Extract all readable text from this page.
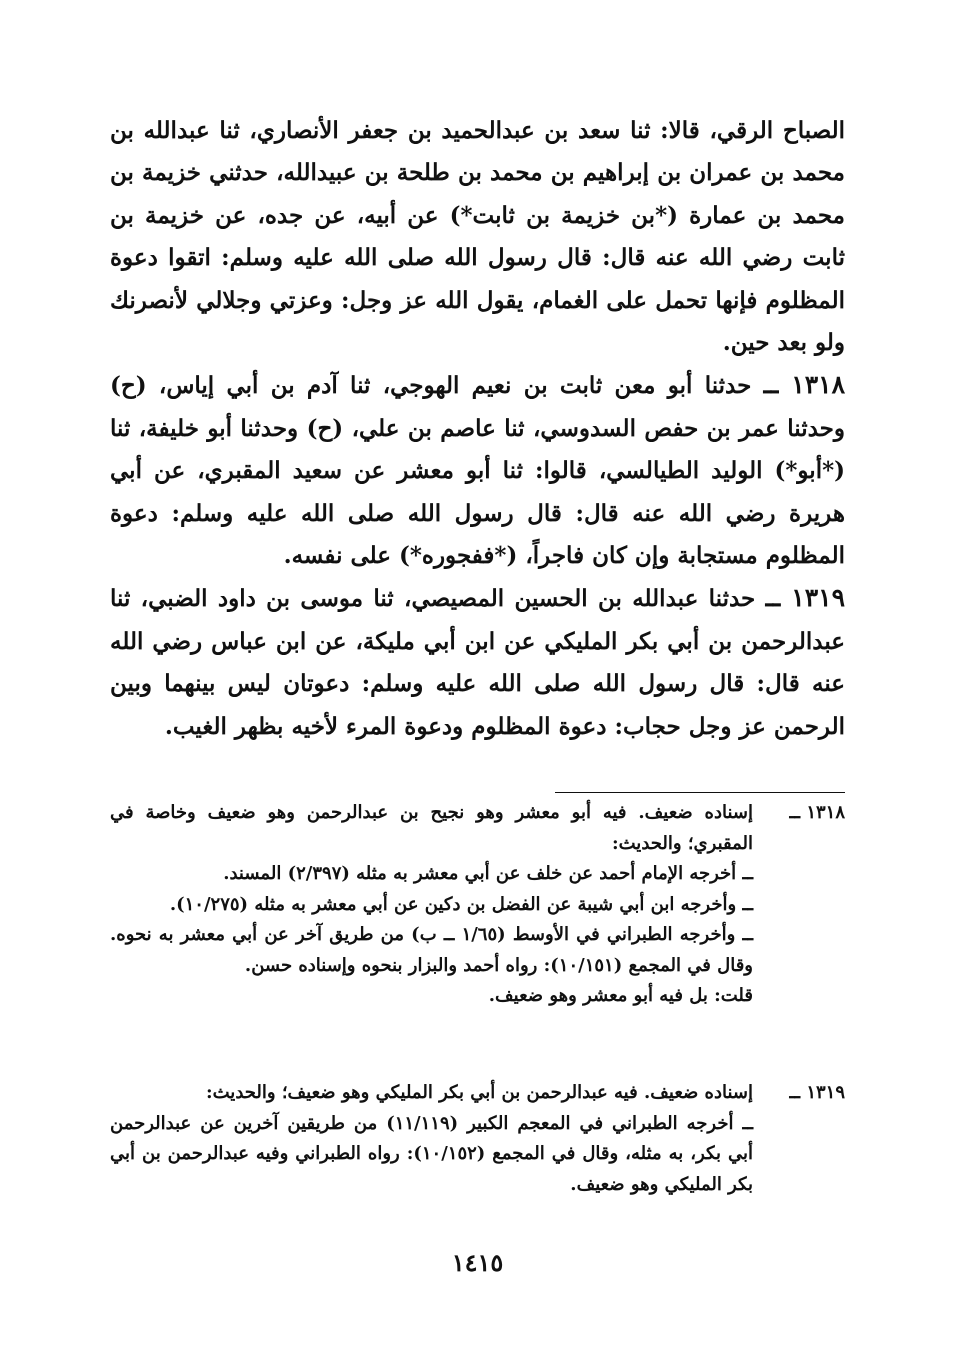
الصباح الرقي، قالا: ثنا سعد بن عبدالحميد بن جعفر الأنصاري، ثنا عبدالله بن محمد بن عمران بن إبراهيم بن محمد بن طلحة بن عبيدالله، حدثني خزيمة بن محمد بن عمارة (*بن خزيمة بن ثابت*) عن أبيه، عن جده، عن خزيمة بن ثابت رضي الله عنه قال: قال رسول الله صلى الله عليه وسلم: اتقوا دعوة المظلوم فإنها تحمل على الغمام، يقول الله عز وجل: وعزتي وجلالي لأنصرنك ولو بعد حين.

١٣١٨ ــ حدثنا أبو معن ثابت بن نعيم الهوجي، ثنا آدم بن أبي إياس، (ح) وحدثنا عمر بن حفص السدوسي، ثنا عاصم بن علي، (ح) وحدثنا أبو خليفة، ثنا (*أبو*) الوليد الطيالسي، قالوا: ثنا أبو معشر عن سعيد المقبري، عن أبي هريرة رضي الله عنه قال: قال رسول الله صلى الله عليه وسلم: دعوة المظلوم مستجابة وإن كان فاجراً، (*ففجوره*) على نفسه.

١٣١٩ ــ حدثنا عبدالله بن الحسين المصيصي، ثنا موسى بن داود الضبي، ثنا عبدالرحمن بن أبي بكر المليكي عن ابن أبي مليكة، عن ابن عباس رضي الله عنه قال: قال رسول الله صلى الله عليه وسلم: دعوتان ليس بينهما وبين الرحمن عز وجل حجاب: دعوة المظلوم ودعوة المرء لأخيه بظهر الغيب.

١٣١٨ ــ

إسناده ضعيف. فيه أبو معشر وهو نجيح بن عبدالرحمن وهو ضعيف وخاصة في المقبري؛ والحديث:

ــ أخرجه الإمام أحمد عن خلف عن أبي معشر به مثله (٢/٣٩٧) المسند.

ــ وأخرجه ابن أبي شيبة عن الفضل بن دكين عن أبي معشر به مثله (١٠/٢٧٥).

ــ وأخرجه الطبراني في الأوسط (١/٦٥ ــ ب) من طريق آخر عن أبي معشر به نحوه. وقال في المجمع (١٠/١٥١): رواه أحمد والبزار بنحوه وإسناده حسن.

قلت: بل فيه أبو معشر وهو ضعيف.

١٣١٩ ــ

إسناده ضعيف. فيه عبدالرحمن بن أبي بكر المليكي وهو ضعيف؛ والحديث:

ــ أخرجه الطبراني في المعجم الكبير (١١/١١٩) من طريقين آخرين عن عبدالرحمن أبي بكر، به مثله، وقال في المجمع (١٠/١٥٢): رواه الطبراني وفيه عبدالرحمن بن أبي بكر المليكي وهو ضعيف.

١٤١٥
